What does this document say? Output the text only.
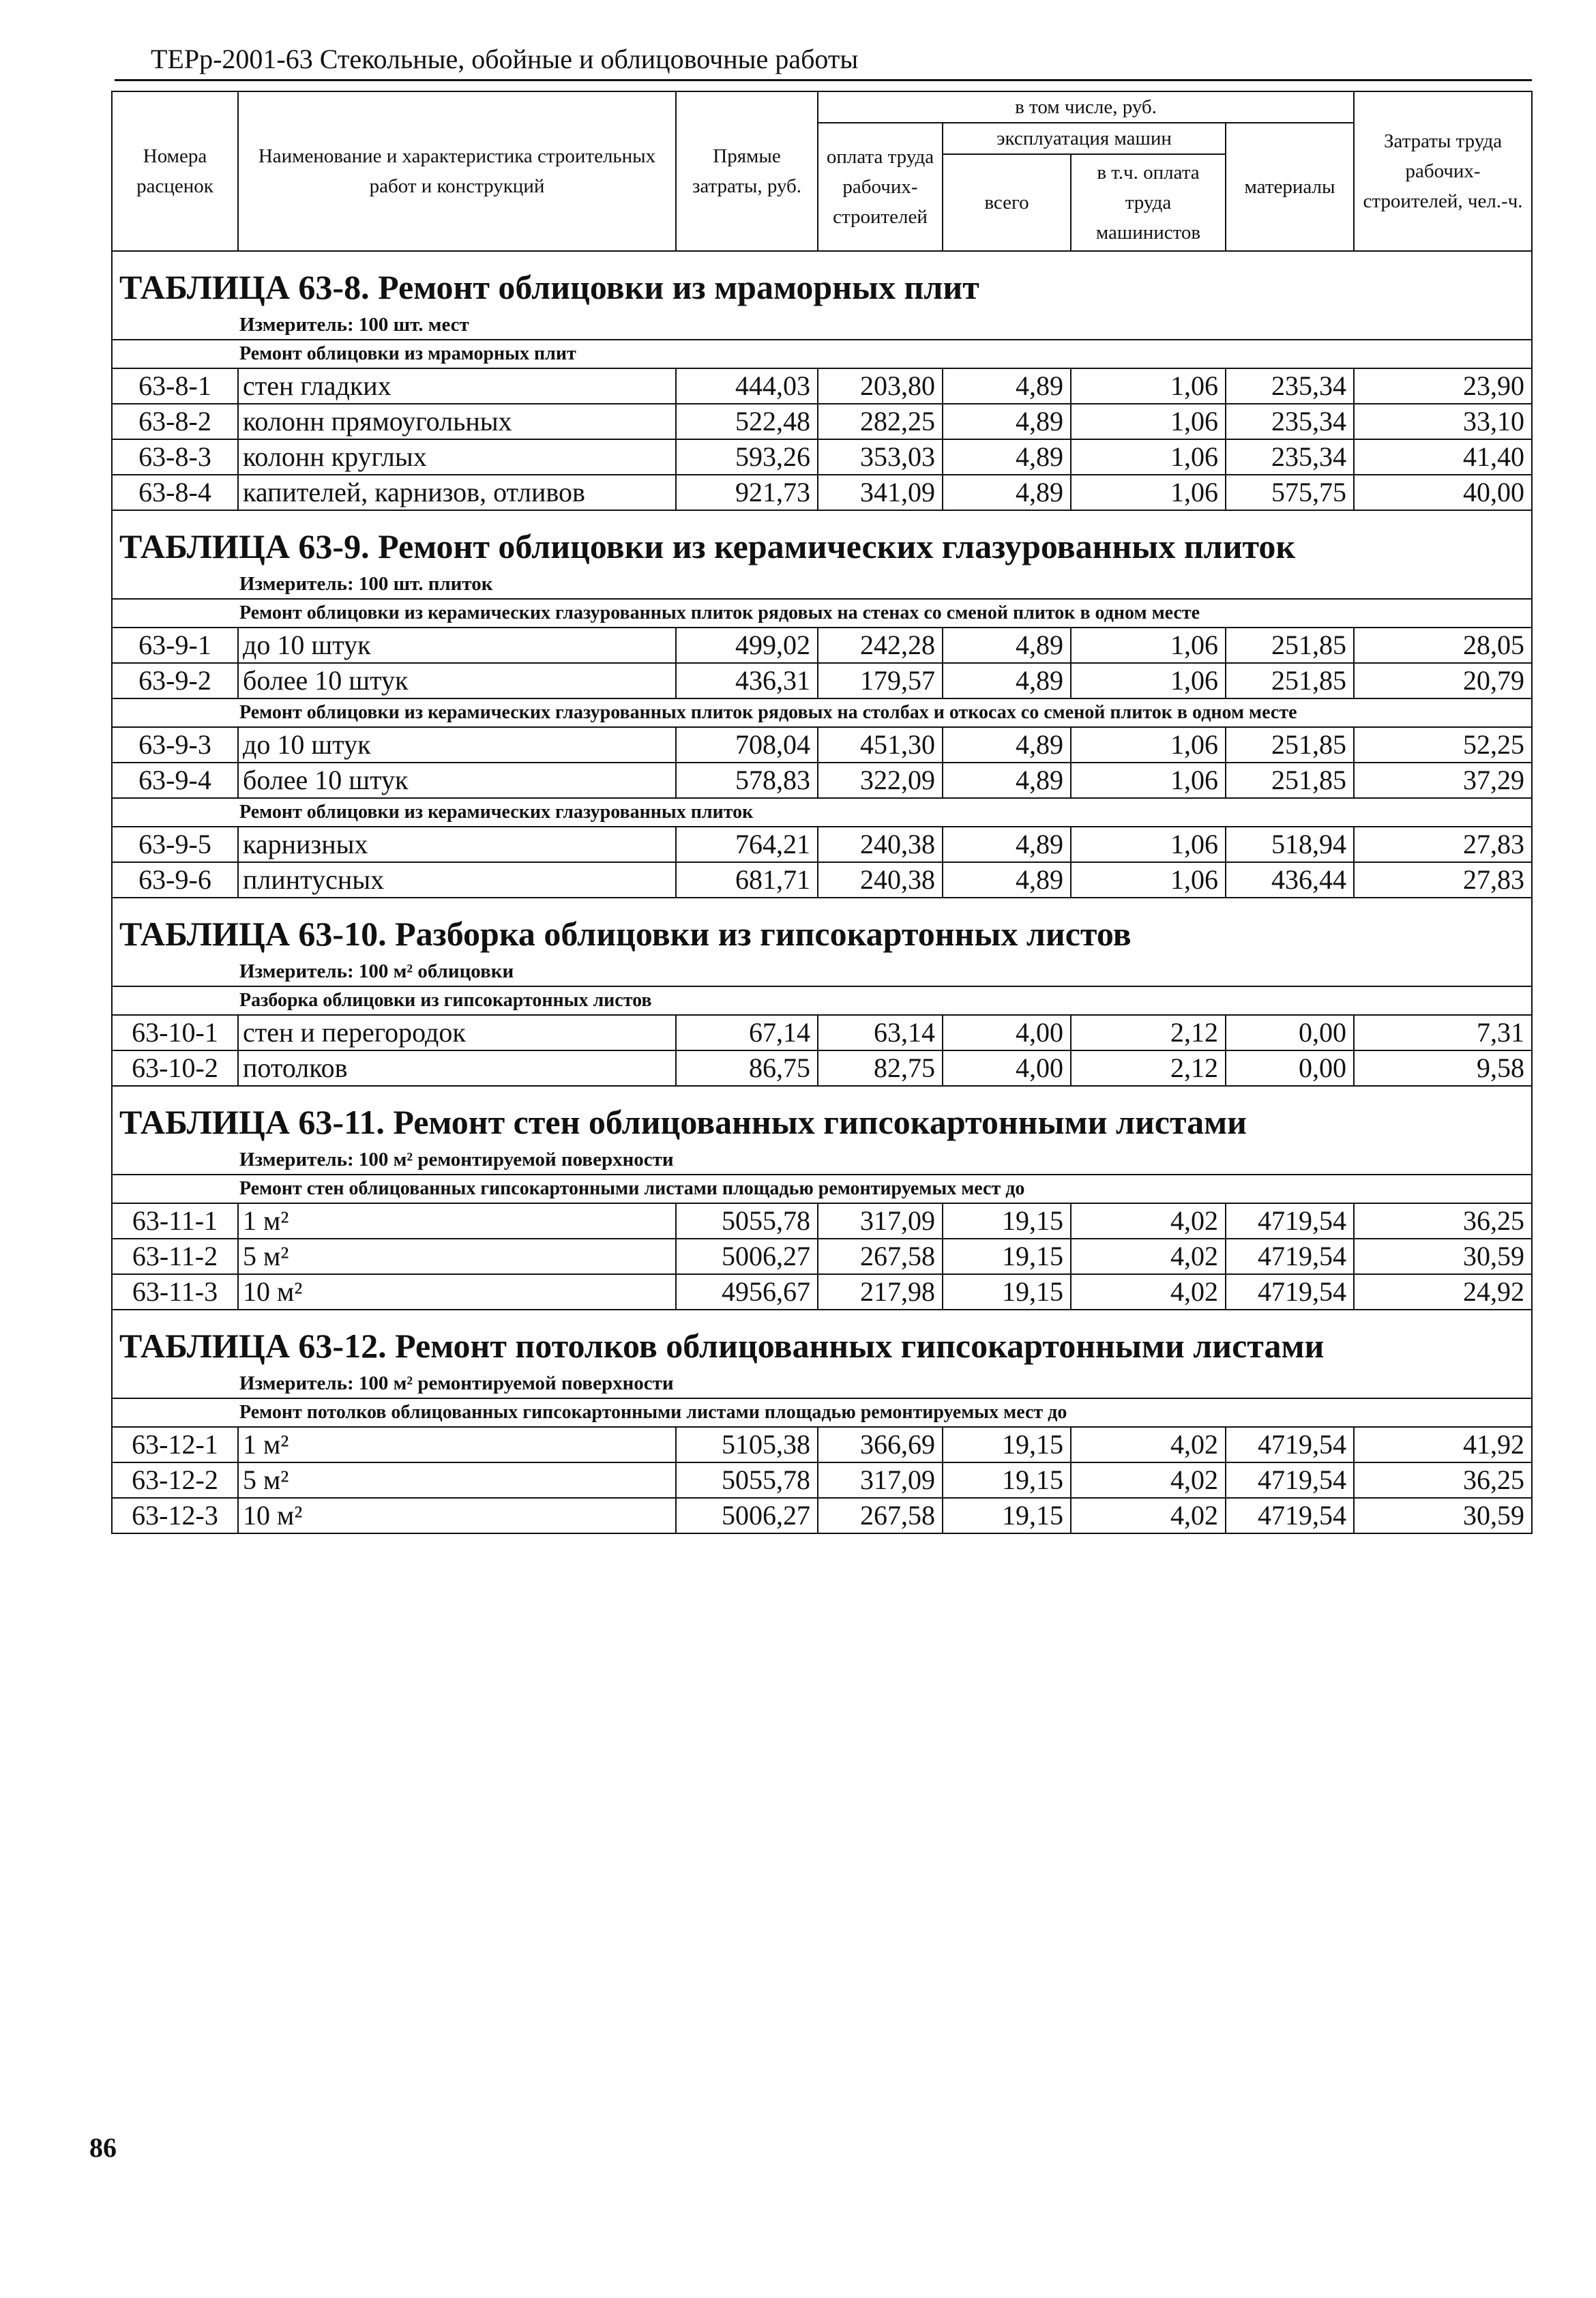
ТЕРр-2001-63 Стекольные, обойные и облицовочные работы
Номера расценок	Наименование и характеристика строительных работ и конструкций	Прямые затраты, руб.	в том числе, руб.				Затраты труда рабочих-строителей, чел.-ч.
			оплата труда рабочих-строителей	эксплуатация машин		материалы	
				всего	в т.ч. оплата труда машинистов		
ТАБЛИЦА 63-8. Ремонт облицовки из мраморных плит							
Измеритель: 100 шт. мест							
Ремонт облицовки из мраморных плит							
63-8-1	стен гладких	444,03	203,80	4,89	1,06	235,34	23,90
63-8-2	колонн прямоугольных	522,48	282,25	4,89	1,06	235,34	33,10
63-8-3	колонн круглых	593,26	353,03	4,89	1,06	235,34	41,40
63-8-4	капителей, карнизов, отливов	921,73	341,09	4,89	1,06	575,75	40,00
ТАБЛИЦА 63-9. Ремонт облицовки из керамических глазурованных плиток							
Измеритель: 100 шт. плиток							
Ремонт облицовки из керамических глазурованных плиток рядовых на стенах со сменой плиток в одном месте							
63-9-1	до 10 штук	499,02	242,28	4,89	1,06	251,85	28,05
63-9-2	более 10 штук	436,31	179,57	4,89	1,06	251,85	20,79
Ремонт облицовки из керамических глазурованных плиток рядовых на столбах и откосах со сменой плиток в одном месте							
63-9-3	до 10 штук	708,04	451,30	4,89	1,06	251,85	52,25
63-9-4	более 10 штук	578,83	322,09	4,89	1,06	251,85	37,29
Ремонт облицовки из керамических глазурованных плиток							
63-9-5	карнизных	764,21	240,38	4,89	1,06	518,94	27,83
63-9-6	плинтусных	681,71	240,38	4,89	1,06	436,44	27,83
ТАБЛИЦА 63-10. Разборка облицовки из гипсокартонных листов							
Измеритель: 100 м² облицовки							
Разборка облицовки из гипсокартонных листов							
63-10-1	стен и перегородок	67,14	63,14	4,00	2,12	0,00	7,31
63-10-2	потолков	86,75	82,75	4,00	2,12	0,00	9,58
ТАБЛИЦА 63-11. Ремонт стен облицованных гипсокартонными листами							
Измеритель: 100 м² ремонтируемой поверхности							
Ремонт стен облицованных гипсокартонными листами площадью ремонтируемых мест до							
63-11-1	1 м²	5055,78	317,09	19,15	4,02	4719,54	36,25
63-11-2	5 м²	5006,27	267,58	19,15	4,02	4719,54	30,59
63-11-3	10 м²	4956,67	217,98	19,15	4,02	4719,54	24,92
ТАБЛИЦА 63-12. Ремонт потолков облицованных гипсокартонными листами							
Измеритель: 100 м² ремонтируемой поверхности							
Ремонт потолков облицованных гипсокартонными листами площадью ремонтируемых мест до							
63-12-1	1 м²	5105,38	366,69	19,15	4,02	4719,54	41,92
63-12-2	5 м²	5055,78	317,09	19,15	4,02	4719,54	36,25
63-12-3	10 м²	5006,27	267,58	19,15	4,02	4719,54	30,59
86
